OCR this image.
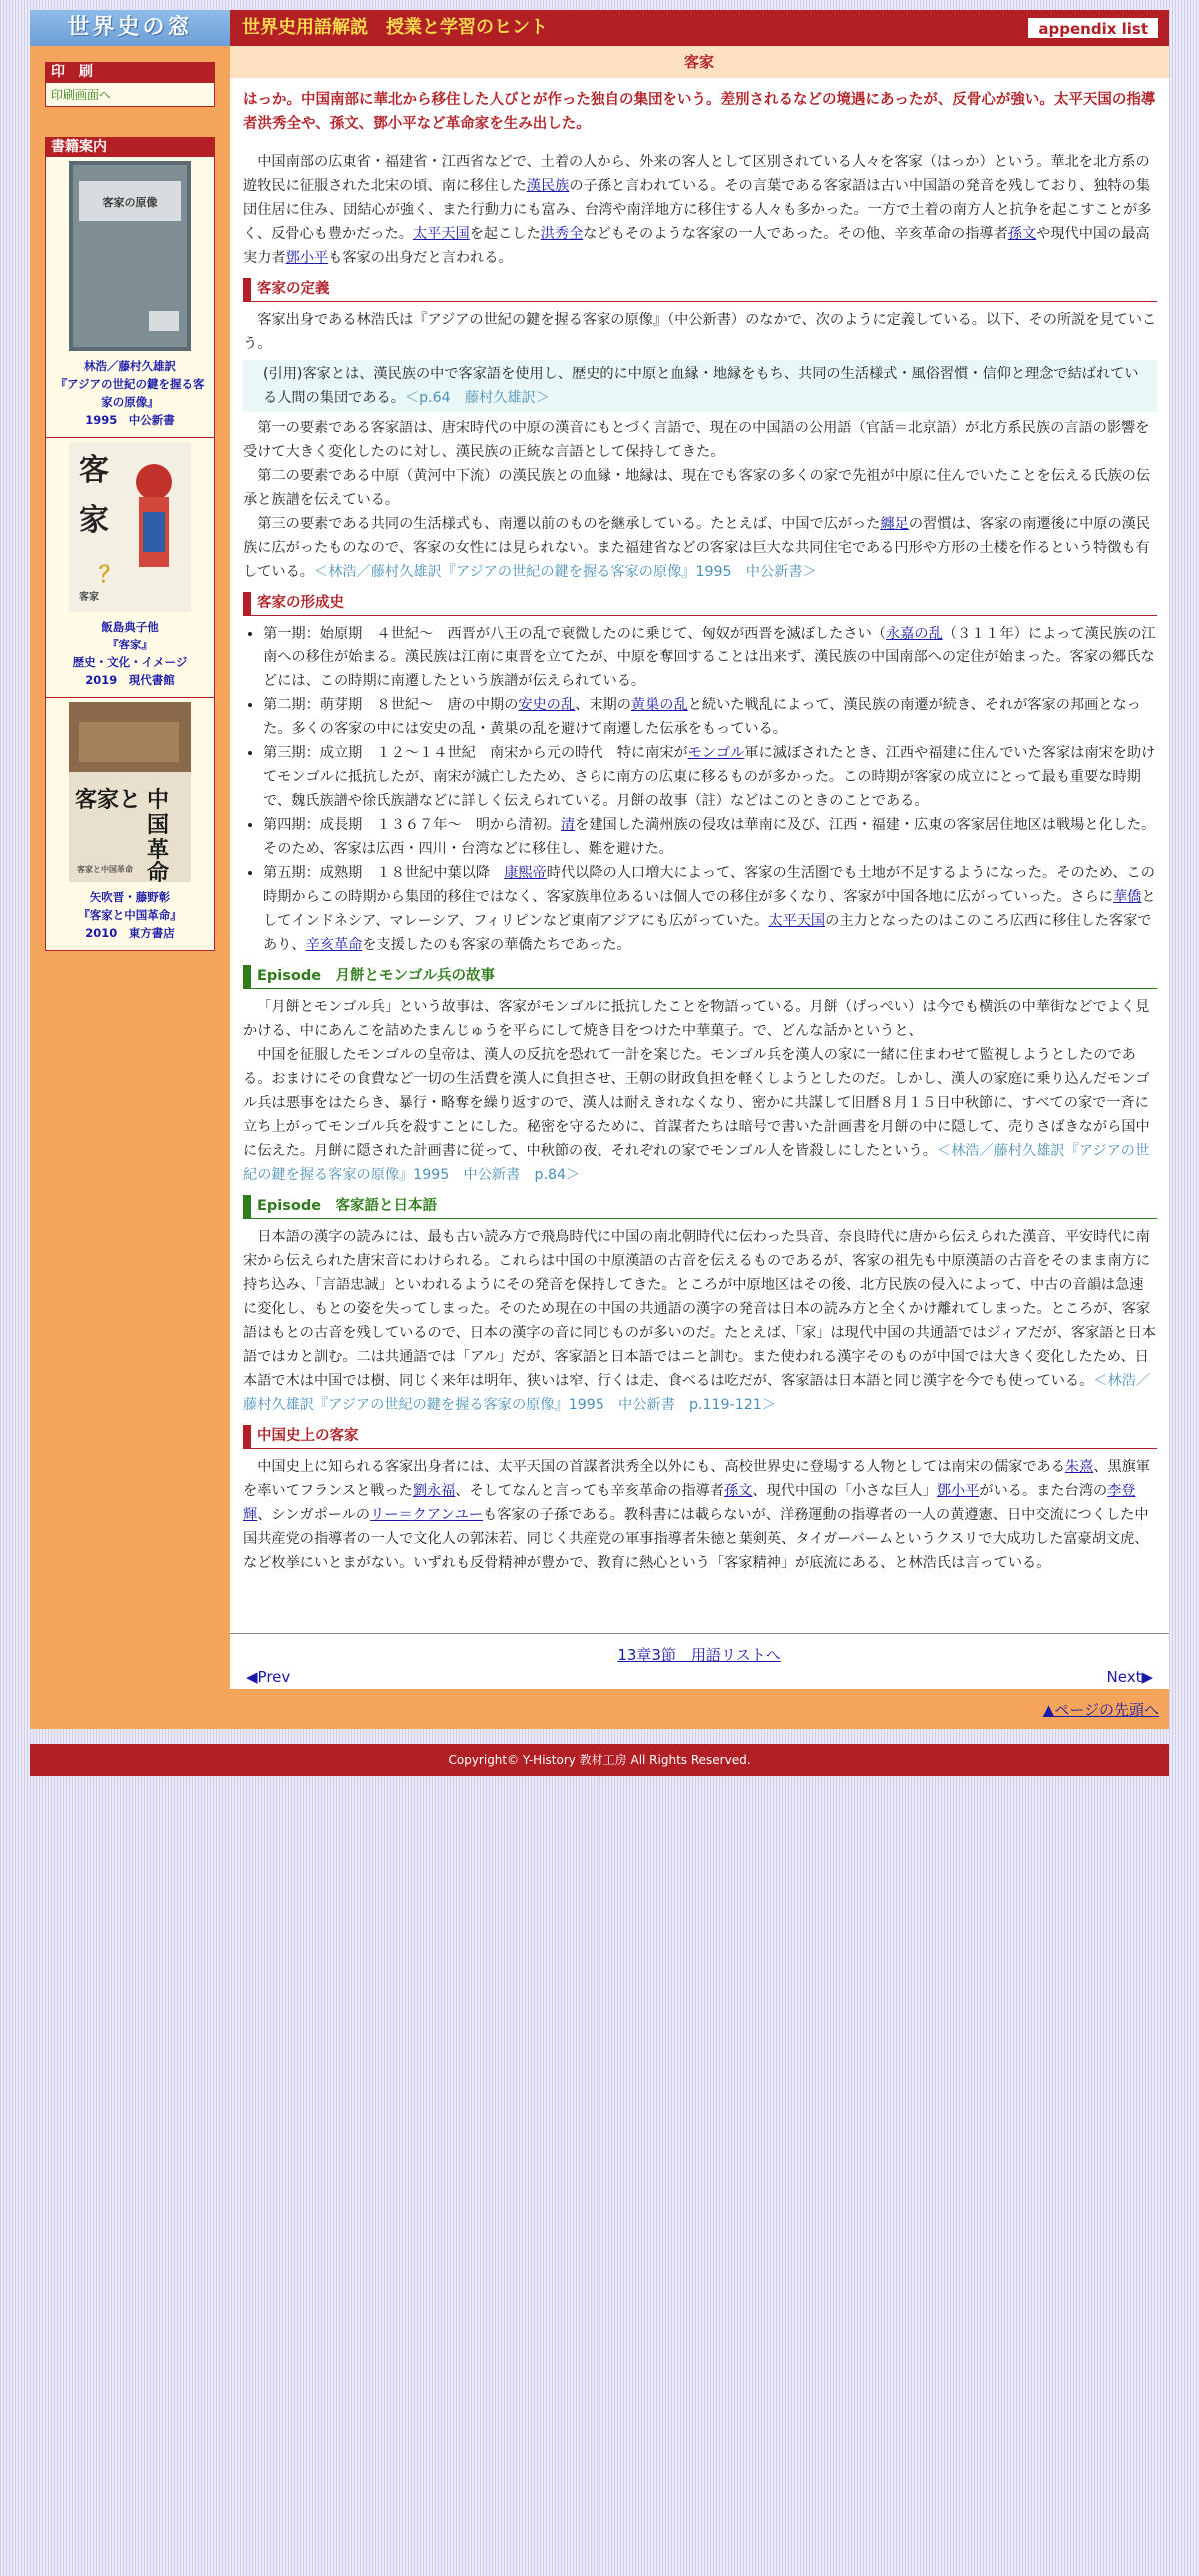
世界史の窓	世界史用語解説　授業と学習のヒント	appendix list
印　刷
印刷画面へ
書籍案内
客家の原像
林浩／藤村久雄訳
『アジアの世紀の鍵を握る客家の原像』
1995　中公新書
客
家
？
客家
飯島典子他
『客家』
歴史・文化・イメージ
2019　現代書館
客家と 中
国
革
命
客家と中国革命
矢吹晋・藤野彰
『客家と中国革命』
2010　東方書店
客家
はっか。中国南部に華北から移住した人びとが作った独自の集団をいう。差別されるなどの境遇にあったが、反骨心が強い。太平天国の指導者洪秀全や、孫文、鄧小平など革命家を生み出した。

中国南部の広東省・福建省・江西省などで、土着の人から、外来の客人として区別されている人々を客家（はっか）という。華北を北方系の遊牧民に征服された北宋の頃、南に移住した漢民族の子孫と言われている。その言葉である客家語は古い中国語の発音を残しており、独特の集団住居に住み、団結心が強く、また行動力にも富み、台湾や南洋地方に移住する人々も多かった。一方で土着の南方人と抗争を起こすことが多く、反骨心も豊かだった。太平天国を起こした洪秀全などもそのような客家の一人であった。その他、辛亥革命の指導者孫文や現代中国の最高実力者鄧小平も客家の出身だと言われる。

客家の定義

客家出身である林浩氏は『アジアの世紀の鍵を握る客家の原像』（中公新書）のなかで、次のように定義している。以下、その所説を見ていこう。

(引用)客家とは、漢民族の中で客家語を使用し、歴史的に中原と血縁・地縁をもち、共同の生活様式・風俗習慣・信仰と理念で結ばれている人間の集団である。＜p.64　藤村久雄訳＞

第一の要素である客家語は、唐宋時代の中原の漢音にもとづく言語で、現在の中国語の公用語（官話＝北京語）が北方系民族の言語の影響を受けて大きく変化したのに対し、漢民族の正統な言語として保持してきた。

第二の要素である中原（黄河中下流）の漢民族との血縁・地縁は、現在でも客家の多くの家で先祖が中原に住んでいたことを伝える氏族の伝承と族譜を伝えている。

第三の要素である共同の生活様式も、南遷以前のものを継承している。たとえば、中国で広がった纏足の習慣は、客家の南遷後に中原の漢民族に広がったものなので、客家の女性には見られない。また福建省などの客家は巨大な共同住宅である円形や方形の土楼を作るという特徴も有している。＜林浩／藤村久雄訳『アジアの世紀の鍵を握る客家の原像』1995　中公新書＞

客家の形成史
• 第一期：始原期　４世紀〜　西晋が八王の乱で衰微したのに乗じて、匈奴が西晋を滅ぼしたさい（永嘉の乱（３１１年）によって漢民族の江南への移住が始まる。漢民族は江南に東晋を立てたが、中原を奪回することは出来ず、漢民族の中国南部への定住が始まった。客家の郷氏などには、この時期に南遷したという族譜が伝えられている。
• 第二期：萌芽期　８世紀〜　唐の中期の安史の乱、末期の黄巣の乱と続いた戦乱によって、漢民族の南遷が続き、それが客家の邦画となった。多くの客家の中には安史の乱・黄巣の乱を避けて南遷した伝承をもっている。
• 第三期：成立期　１２〜１４世紀　南宋から元の時代　特に南宋がモンゴル軍に滅ぼされたとき、江西や福建に住んでいた客家は南宋を助けてモンゴルに抵抗したが、南宋が滅亡したため、さらに南方の広東に移るものが多かった。この時期が客家の成立にとって最も重要な時期で、魏氏族譜や徐氏族譜などに詳しく伝えられている。月餅の故事（註）などはこのときのことである。
• 第四期：成長期　１３６７年〜　明から清初。清を建国した満州族の侵攻は華南に及び、江西・福建・広東の客家居住地区は戦場と化した。そのため、客家は広西・四川・台湾などに移住し、難を避けた。
• 第五期：成熟期　１８世紀中葉以降　康熙帝時代以降の人口増大によって、客家の生活圏でも土地が不足するようになった。そのため、この時期からこの時期から集団的移住ではなく、客家族単位あるいは個人での移住が多くなり、客家が中国各地に広がっていった。さらに華僑としてインドネシア、マレーシア、フィリピンなど東南アジアにも広がっていた。太平天国の主力となったのはこのころ広西に移住した客家であり、辛亥革命を支援したのも客家の華僑たちであった。
Episode　月餅とモンゴル兵の故事

「月餅とモンゴル兵」という故事は、客家がモンゴルに抵抗したことを物語っている。月餅（げっぺい）は今でも横浜の中華街などでよく見かける、中にあんこを詰めたまんじゅうを平らにして焼き目をつけた中華菓子。で、どんな話かというと、

中国を征服したモンゴルの皇帝は、漢人の反抗を恐れて一計を案じた。モンゴル兵を漢人の家に一緒に住まわせて監視しようとしたのである。おまけにその食費など一切の生活費を漢人に負担させ、王朝の財政負担を軽くしようとしたのだ。しかし、漢人の家庭に乗り込んだモンゴル兵は悪事をはたらき、暴行・略奪を繰り返すので、漢人は耐えきれなくなり、密かに共謀して旧暦８月１５日中秋節に、すべての家で一斉に立ち上がってモンゴル兵を殺すことにした。秘密を守るために、首謀者たちは暗号で書いた計画書を月餅の中に隠して、売りさばきながら国中に伝えた。月餅に隠された計画書に従って、中秋節の夜、それぞれの家でモンゴル人を皆殺しにしたという。＜林浩／藤村久雄訳『アジアの世紀の鍵を握る客家の原像』1995　中公新書　p.84＞

Episode　客家語と日本語

日本語の漢字の読みには、最も古い読み方で飛鳥時代に中国の南北朝時代に伝わった呉音、奈良時代に唐から伝えられた漢音、平安時代に南宋から伝えられた唐宋音にわけられる。これらは中国の中原漢語の古音を伝えるものであるが、客家の祖先も中原漢語の古音をそのまま南方に持ち込み、「言語忠誠」といわれるようにその発音を保持してきた。ところが中原地区はその後、北方民族の侵入によって、中古の音韻は急速に変化し、もとの姿を失ってしまった。そのため現在の中国の共通語の漢字の発音は日本の読み方と全くかけ離れてしまった。ところが、客家語はもとの古音を残しているので、日本の漢字の音に同じものが多いのだ。たとえば、「家」は現代中国の共通語ではジィアだが、客家語と日本語ではカと訓む。二は共通語では「アル」だが、客家語と日本語ではニと訓む。また使われる漢字そのものが中国では大きく変化したため、日本語で木は中国では樹、同じく来年は明年、狭いは窄、行くは走、食べるは吃だが、客家語は日本語と同じ漢字を今でも使っている。＜林浩／藤村久雄訳『アジアの世紀の鍵を握る客家の原像』1995　中公新書　p.119-121＞

中国史上の客家

中国史上に知られる客家出身者には、太平天国の首謀者洪秀全以外にも、高校世界史に登場する人物としては南宋の儒家である朱熹、黒旗軍を率いてフランスと戦った劉永福、そしてなんと言っても辛亥革命の指導者孫文、現代中国の「小さな巨人」鄧小平がいる。また台湾の李登輝、シンガポールのリー＝クアンユーも客家の子孫である。教科書には載らないが、洋務運動の指導者の一人の黄遵憲、日中交流につくした中国共産党の指導者の一人で文化人の郭沫若、同じく共産党の軍事指導者朱徳と葉剣英、タイガーバームというクスリで大成功した富豪胡文虎、など枚挙にいとまがない。いずれも反骨精神が豊かで、教育に熱心という「客家精神」が底流にある、と林浩氏は言っている。

13章3節　用語リストへ
◀Prev	Next▶
▲ページの先頭へ
Copyright© Y-History 教材工房 All Rights Reserved.
